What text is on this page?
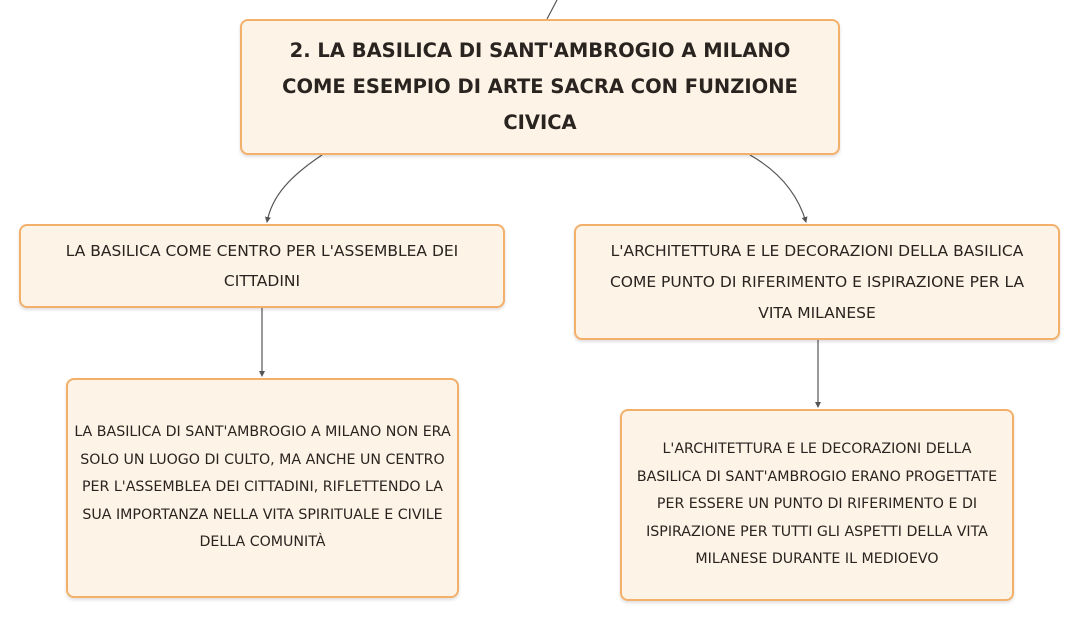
2. LA BASILICA DI SANT'AMBROGIO A MILANO COME ESEMPIO DI ARTE SACRA CON FUNZIONE CIVICA
LA BASILICA COME CENTRO PER L'ASSEMBLEA DEI CITTADINI
L'ARCHITETTURA E LE DECORAZIONI DELLA BASILICA COME PUNTO DI RIFERIMENTO E ISPIRAZIONE PER LA VITA MILANESE
LA BASILICA DI SANT'AMBROGIO A MILANO NON ERA SOLO UN LUOGO DI CULTO, MA ANCHE UN CENTRO PER L'ASSEMBLEA DEI CITTADINI, RIFLETTENDO LA SUA IMPORTANZA NELLA VITA SPIRITUALE E CIVILE DELLA COMUNITÀ
L'ARCHITETTURA E LE DECORAZIONI DELLA BASILICA DI SANT'AMBROGIO ERANO PROGETTATE PER ESSERE UN PUNTO DI RIFERIMENTO E DI ISPIRAZIONE PER TUTTI GLI ASPETTI DELLA VITA MILANESE DURANTE IL MEDIOEVO
